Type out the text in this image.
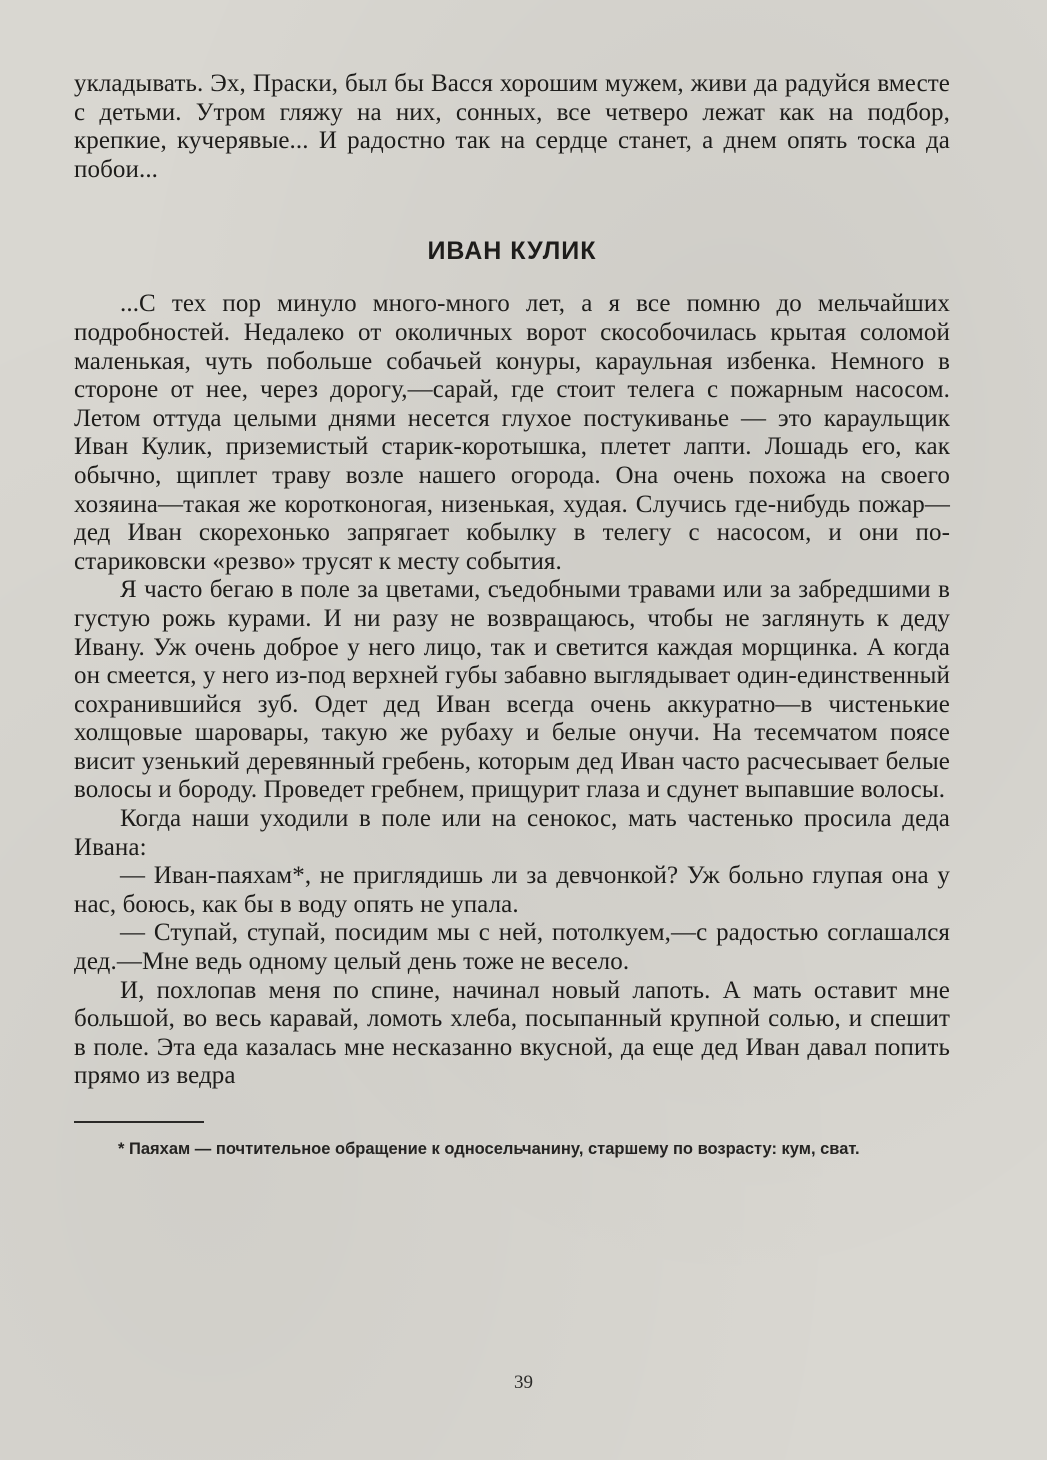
укладывать. Эх, Праски, был бы Васся хорошим мужем, живи да радуйся вместе с детьми. Утром гляжу на них, сонных, все четверо лежат как на подбор, крепкие, кучерявые... И радостно так на сердце станет, а днем опять тоска да побои...

ИВАН КУЛИК

...С тех пор минуло много-много лет, а я все помню до мельчайших подробностей. Недалеко от околичных ворот скособочилась крытая соломой маленькая, чуть побольше собачьей конуры, караульная избенка. Немного в стороне от нее, через дорогу,—сарай, где стоит телега с пожарным насосом. Летом оттуда целыми днями несется глухое постукиванье — это караульщик Иван Кулик, приземистый старик-коротышка, плетет лапти. Лошадь его, как обычно, щиплет траву возле нашего огорода. Она очень похожа на своего хозяина—такая же коротконогая, низенькая, худая. Случись где-нибудь пожар—дед Иван скорехонько запрягает кобылку в телегу с насосом, и они по-стариковски «резво» трусят к месту события.

Я часто бегаю в поле за цветами, съедобными травами или за забредшими в густую рожь курами. И ни разу не возвращаюсь, чтобы не заглянуть к деду Ивану. Уж очень доброе у него лицо, так и светится каждая морщинка. А когда он смеется, у него из-под верхней губы забавно выглядывает один-единственный сохранившийся зуб. Одет дед Иван всегда очень аккуратно—в чистенькие холщовые шаровары, такую же рубаху и белые онучи. На тесемчатом поясе висит узенький деревянный гребень, которым дед Иван часто расчесывает белые волосы и бороду. Проведет гребнем, прищурит глаза и сдунет выпавшие волосы.

Когда наши уходили в поле или на сенокос, мать частенько просила деда Ивана:

— Иван-паяхам*, не приглядишь ли за девчонкой? Уж больно глупая она у нас, боюсь, как бы в воду опять не упала.

— Ступай, ступай, посидим мы с ней, потолкуем,—с радостью соглашался дед.—Мне ведь одному целый день тоже не весело.

И, похлопав меня по спине, начинал новый лапоть. А мать оставит мне большой, во весь каравай, ломоть хлеба, посыпанный крупной солью, и спешит в поле. Эта еда казалась мне несказанно вкусной, да еще дед Иван давал попить прямо из ведра

* Паяхам — почтительное обращение к односельчанину, старшему по возрасту: кум, сват.

39
